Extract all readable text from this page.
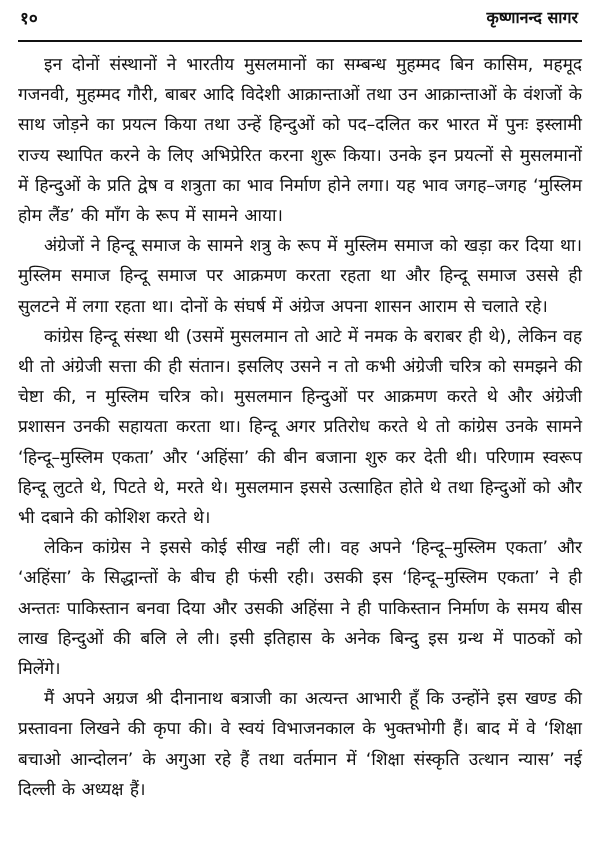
१०	कृष्णानन्द सागर

इन दोनों संस्थानों ने भारतीय मुसलमानों का सम्बन्ध मुहम्मद बिन कासिम, महमूद गजनवी, मुहम्मद गौरी, बाबर आदि विदेशी आक्रान्ताओं तथा उन आक्रान्ताओं के वंशजों के साथ जोड़ने का प्रयत्न किया तथा उन्हें हिन्दुओं को पद–दलित कर भारत में पुनः इस्लामी राज्य स्थापित करने के लिए अभिप्रेरित करना शुरू किया। उनके इन प्रयत्नों से मुसलमानों में हिन्दुओं के प्रति द्वेष व शत्रुता का भाव निर्माण होने लगा। यह भाव जगह–जगह ‘मुस्लिम होम लैंड’ की माँग के रूप में सामने आया।

अंग्रेजों ने हिन्दू समाज के सामने शत्रु के रूप में मुस्लिम समाज को खड़ा कर दिया था। मुस्लिम समाज हिन्दू समाज पर आक्रमण करता रहता था और हिन्दू समाज उससे ही सुलटने में लगा रहता था। दोनों के संघर्ष में अंग्रेज अपना शासन आराम से चलाते रहे।

कांग्रेस हिन्दू संस्था थी (उसमें मुसलमान तो आटे में नमक के बराबर ही थे), लेकिन वह थी तो अंग्रेजी सत्ता की ही संतान। इसलिए उसने न तो कभी अंग्रेजी चरित्र को समझने की चेष्टा की, न मुस्लिम चरित्र को। मुसलमान हिन्दुओं पर आक्रमण करते थे और अंग्रेजी प्रशासन उनकी सहायता करता था। हिन्दू अगर प्रतिरोध करते थे तो कांग्रेस उनके सामने ‘हिन्दू–मुस्लिम एकता’ और ‘अहिंसा’ की बीन बजाना शुरु कर देती थी। परिणाम स्वरूप हिन्दू लुटते थे, पिटते थे, मरते थे। मुसलमान इससे उत्साहित होते थे तथा हिन्दुओं को और भी दबाने की कोशिश करते थे।

लेकिन कांग्रेस ने इससे कोई सीख नहीं ली। वह अपने ‘हिन्दू–मुस्लिम एकता’ और ‘अहिंसा’ के सिद्धान्तों के बीच ही फंसी रही। उसकी इस ‘हिन्दू–मुस्लिम एकता’ ने ही अन्ततः पाकिस्तान बनवा दिया और उसकी अहिंसा ने ही पाकिस्तान निर्माण के समय बीस लाख हिन्दुओं की बलि ले ली। इसी इतिहास के अनेक बिन्दु इस ग्रन्थ में पाठकों को मिलेंगे।

मैं अपने अग्रज श्री दीनानाथ बत्राजी का अत्यन्त आभारी हूँ कि उन्होंने इस खण्ड की प्रस्तावना लिखने की कृपा की। वे स्वयं विभाजनकाल के भुक्तभोगी हैं। बाद में वे ‘शिक्षा बचाओ आन्दोलन’ के अगुआ रहे हैं तथा वर्तमान में ‘शिक्षा संस्कृति उत्थान न्यास’ नई दिल्ली के अध्यक्ष हैं।
